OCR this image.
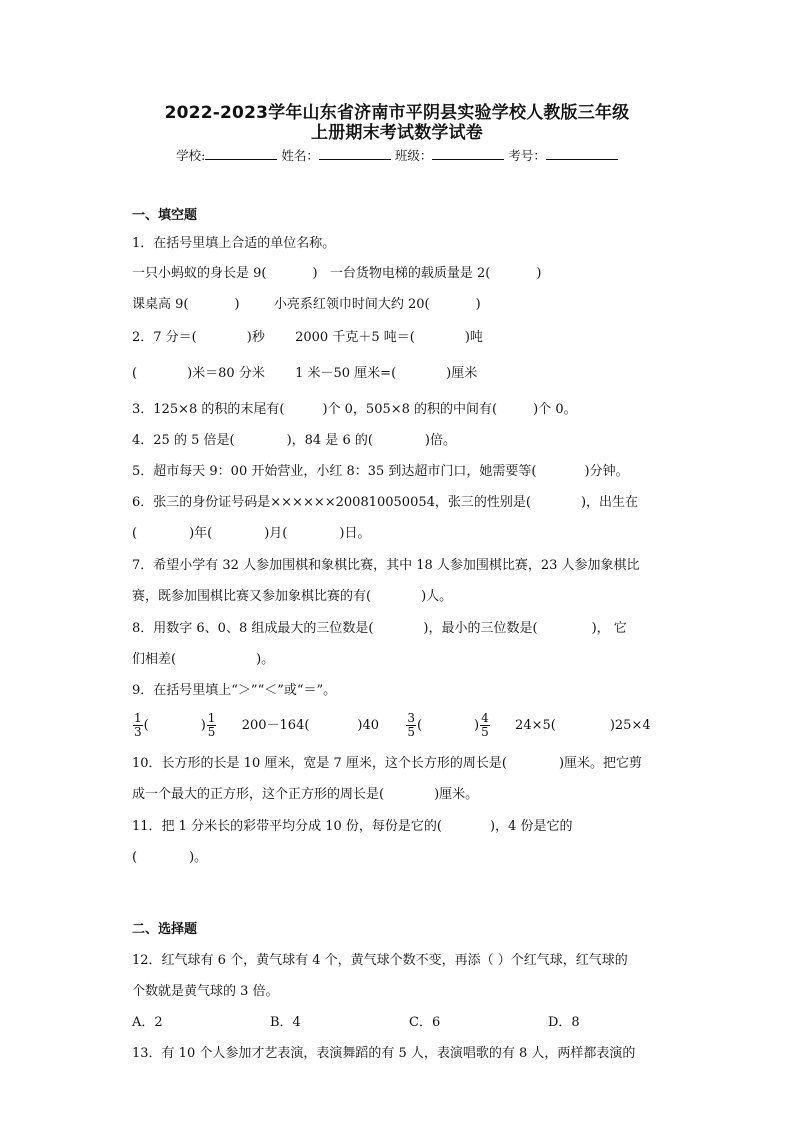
2022-2023学年山东省济南市平阴县实验学校人教版三年级
上册期末考试数学试卷
学校:	姓名：	班级：	考号：
一、填空题
1．在括号里填上合适的单位名称。
一只小蚂蚁的身长是 9(	) 一台货物电梯的载质量是 2(	)
课桌高 9(	)	小亮系红领巾时间大约 20(	)
2．7 分＝(	)秒 2000 千克＋5 吨＝(	)吨
(	)米＝80 分米 1 米－50 厘米=(	)厘米
3．125×8 的积的末尾有(	)个 0，505×8 的积的中间有(	)个 0。
4．25 的 5 倍是(	)，84 是 6 的(	)倍。
5．超市每天 9：00 开始营业，小红 8：35 到达超市门口，她需要等(	)分钟。
6．张三的身份证号码是××××××200810050054，张三的性别是(	)，出生在
(	)年(	)月(	)日。
7．希望小学有 32 人参加围棋和象棋比赛，其中 18 人参加围棋比赛，23 人参加象棋比
赛，既参加围棋比赛又参加象棋比赛的有(	)人。
8．用数字 6、0、8 组成最大的三位数是(	)，最小的三位数是(	)， 它
们相差(	)。
9．在括号里填上“＞”“＜”或“＝”。
$\frac{1}{3}$ (	) $\frac{1}{5} 200-164$(	)$40 \frac{3}{5}$ (	) $\frac{4}{5} 24\times 5$(	)25×4
10．长方形的长是 10 厘米，宽是 7 厘米，这个长方形的周长是(	)厘米。把它剪
成一个最大的正方形，这个正方形的周长是(	)厘米。
11．把 1 分米长的彩带平均分成 10 份，每份是它的(	)，4 份是它的
(	)。
二、选择题
12．红气球有 6 个，黄气球有 4 个，黄气球个数不变，再添（ ）个红气球，红气球的
个数就是黄气球的 3 倍。
A．2	B．4	C．6	D．8
13．有 10 个人参加才艺表演，表演舞蹈的有 5 人，表演唱歌的有 8 人，两样都表演的
